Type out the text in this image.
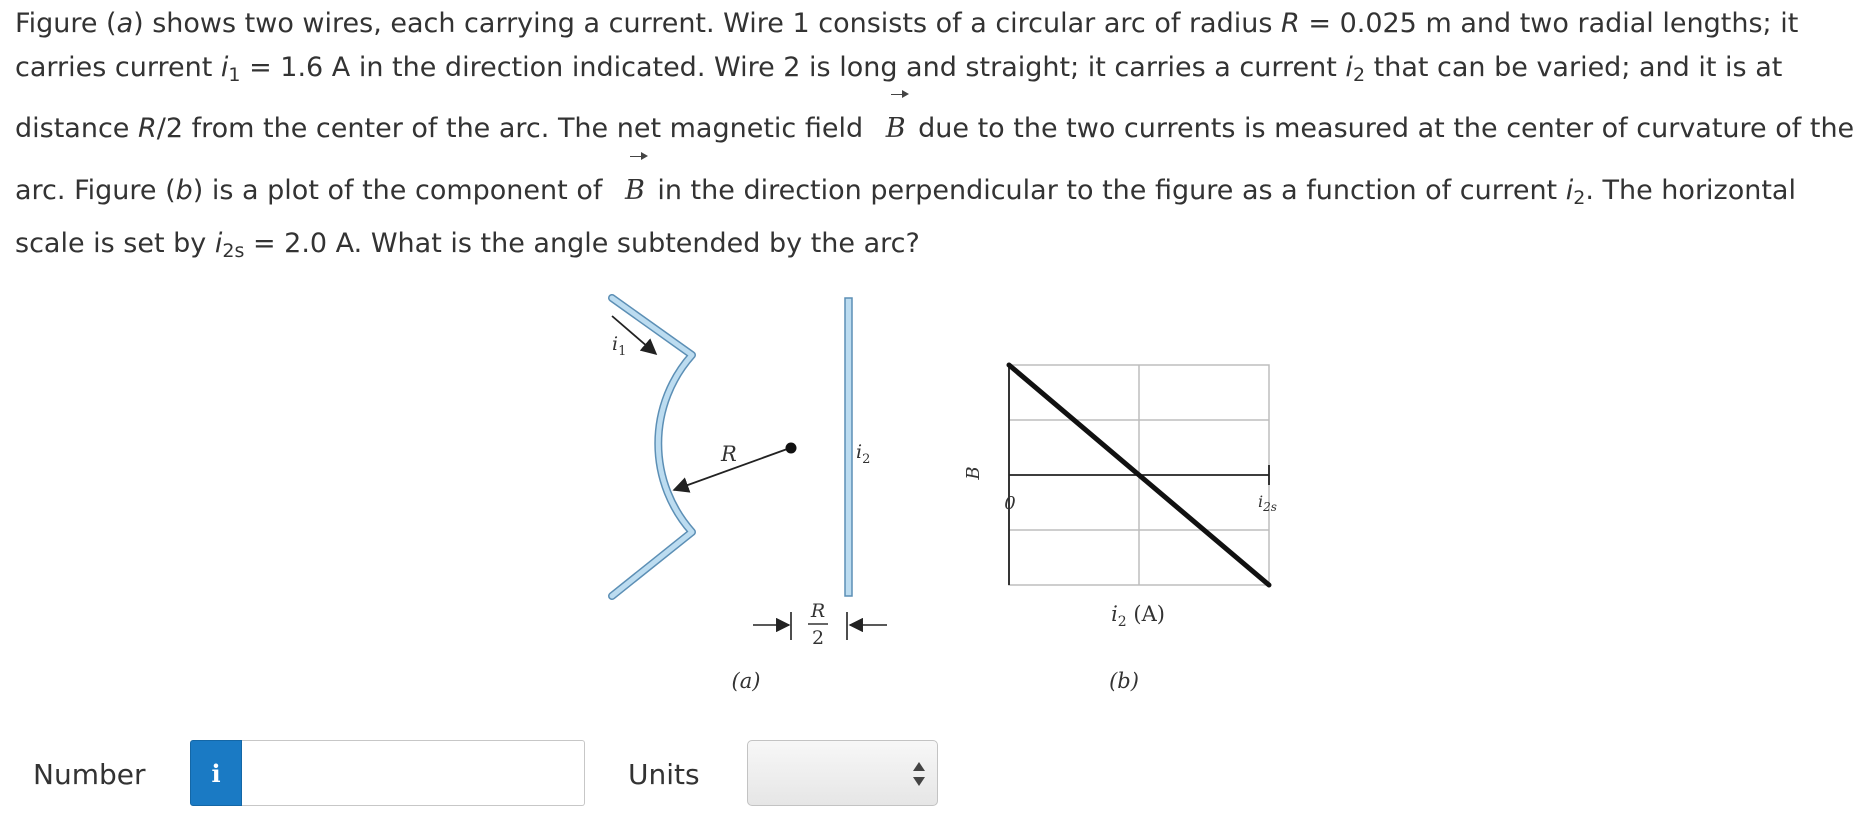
Figure (a) shows two wires, each carrying a current. Wire 1 consists of a circular arc of radius R = 0.025 m and two radial lengths; it
carries current $i_1 = 1.6$ A in the direction indicated. Wire 2 is long and straight; it carries a current $i_2$ that can be varied; and it is at
distance R/2 from the center of the arc. The net magnetic field B due to the two currents is measured at the center of curvature of the
arc. Figure (b) is a plot of the component of B in the direction perpendicular to the figure as a function of current $i_2$. The horizontal
scale is set by $i_{2s} = 2.0$ A. What is the angle subtended by the arc?
$i_1$
R	$i_2$
R
2
(a)
B
0	$i_{2s}$
$i_2$ (A)
(b)
Number	i	Units
